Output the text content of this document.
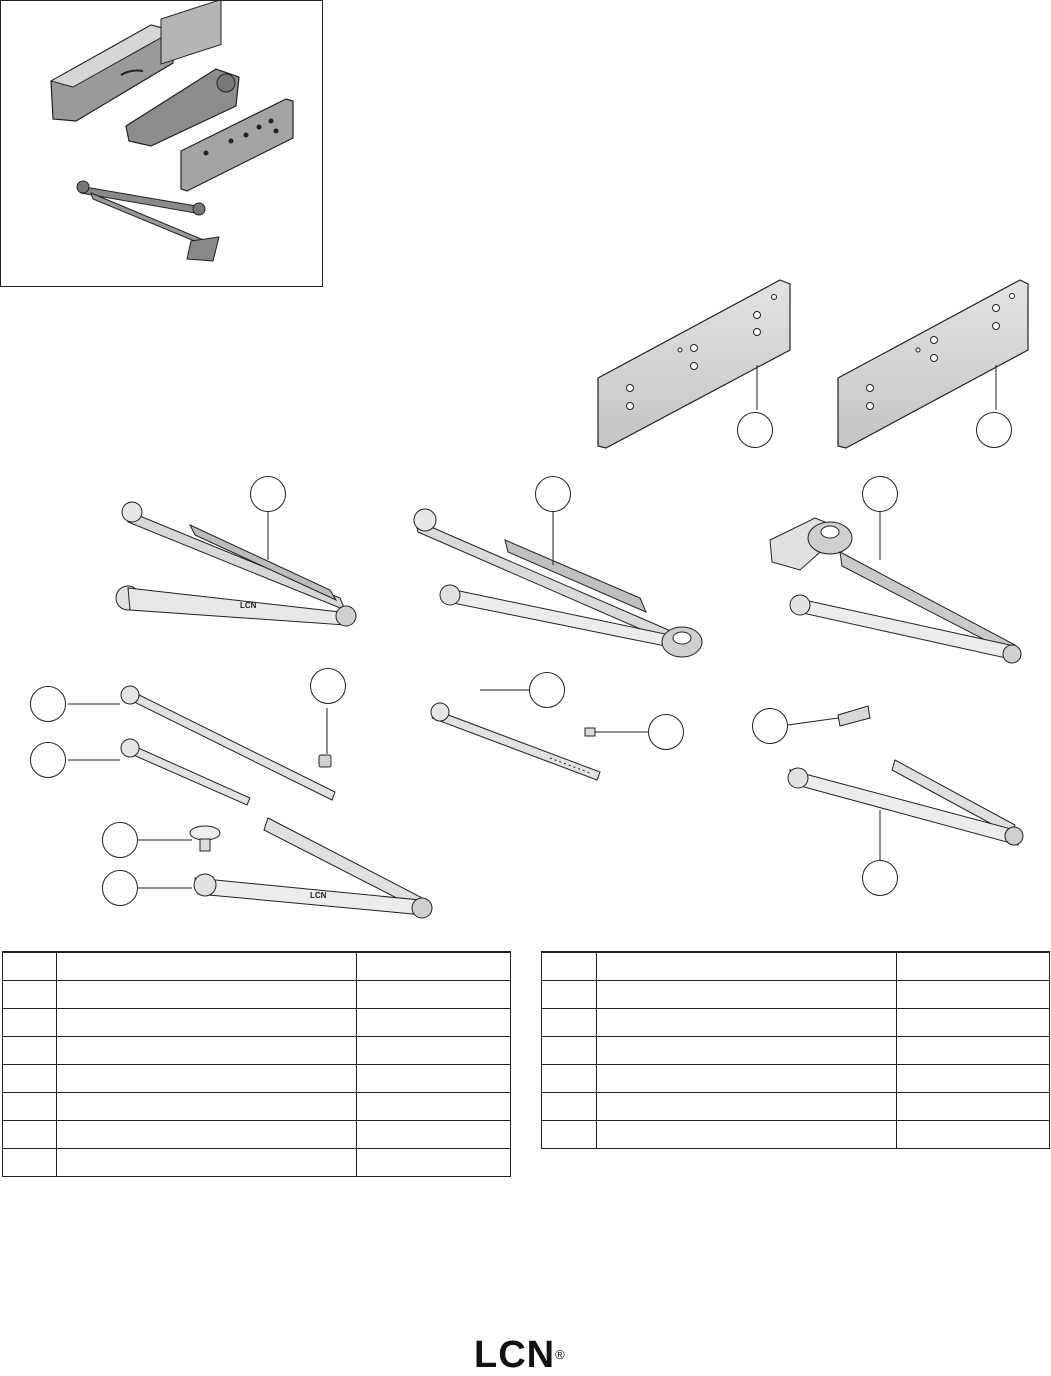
LCN
LCN

LCN®
